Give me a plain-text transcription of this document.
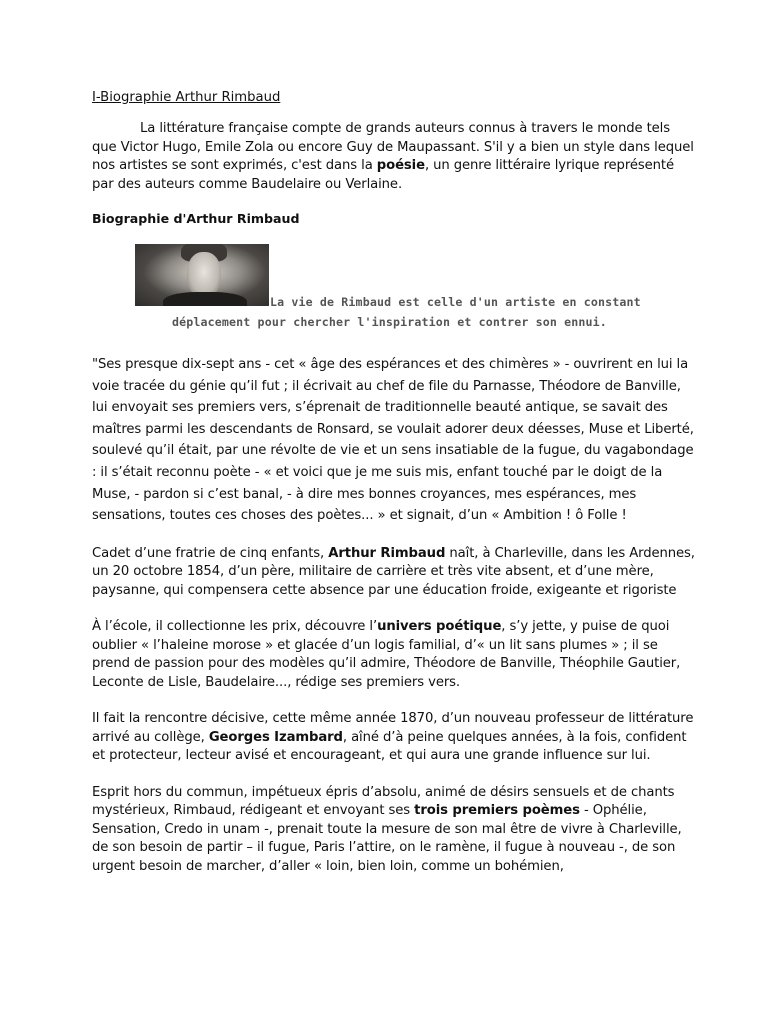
I-Biographie Arthur Rimbaud

La littérature française compte de grands auteurs connus à travers le monde tels que Victor Hugo, Emile Zola ou encore Guy de Maupassant. S'il y a bien un style dans lequel nos artistes se sont exprimés, c'est dans la poésie, un genre littéraire lyrique représenté par des auteurs comme Baudelaire ou Verlaine.

Biographie d'Arthur Rimbaud
La vie de Rimbaud est celle d'un artiste en constant
déplacement pour chercher l'inspiration et contrer son ennui.

"Ses presque dix-sept ans - cet « âge des espérances et des chimères » - ouvrirent en lui la voie tracée du génie qu’il fut ; il écrivait au chef de file du Parnasse, Théodore de Banville, lui envoyait ses premiers vers, s’éprenait de traditionnelle beauté antique, se savait des maîtres parmi les descendants de Ronsard, se voulait adorer deux déesses, Muse et Liberté, soulevé qu’il était, par une révolte de vie et un sens insatiable de la fugue, du vagabondage : il s’était reconnu poète - « et voici que je me suis mis, enfant touché par le doigt de la Muse, - pardon si c’est banal, - à dire mes bonnes croyances, mes espérances, mes sensations, toutes ces choses des poètes... » et signait, d’un « Ambition ! ô Folle !

Cadet d’une fratrie de cinq enfants, Arthur Rimbaud naît, à Charleville, dans les Ardennes, un 20 octobre 1854, d’un père, militaire de carrière et très vite absent, et d’une mère, paysanne, qui compensera cette absence par une éducation froide, exigeante et rigoriste

À l’école, il collectionne les prix, découvre l’univers poétique, s’y jette, y puise de quoi oublier « l’haleine morose » et glacée d’un logis familial, d’« un lit sans plumes » ; il se prend de passion pour des modèles qu’il admire, Théodore de Banville, Théophile Gautier, Leconte de Lisle, Baudelaire..., rédige ses premiers vers.

Il fait la rencontre décisive, cette même année 1870, d’un nouveau professeur de littérature arrivé au collège, Georges Izambard, aîné d’à peine quelques années, à la fois, confident et protecteur, lecteur avisé et encourageant, et qui aura une grande influence sur lui.

Esprit hors du commun, impétueux épris d’absolu, animé de désirs sensuels et de chants mystérieux, Rimbaud, rédigeant et envoyant ses trois premiers poèmes - Ophélie, Sensation, Credo in unam -, prenait toute la mesure de son mal être de vivre à Charleville, de son besoin de partir – il fugue, Paris l’attire, on le ramène, il fugue à nouveau -, de son urgent besoin de marcher, d’aller « loin, bien loin, comme un bohémien,
